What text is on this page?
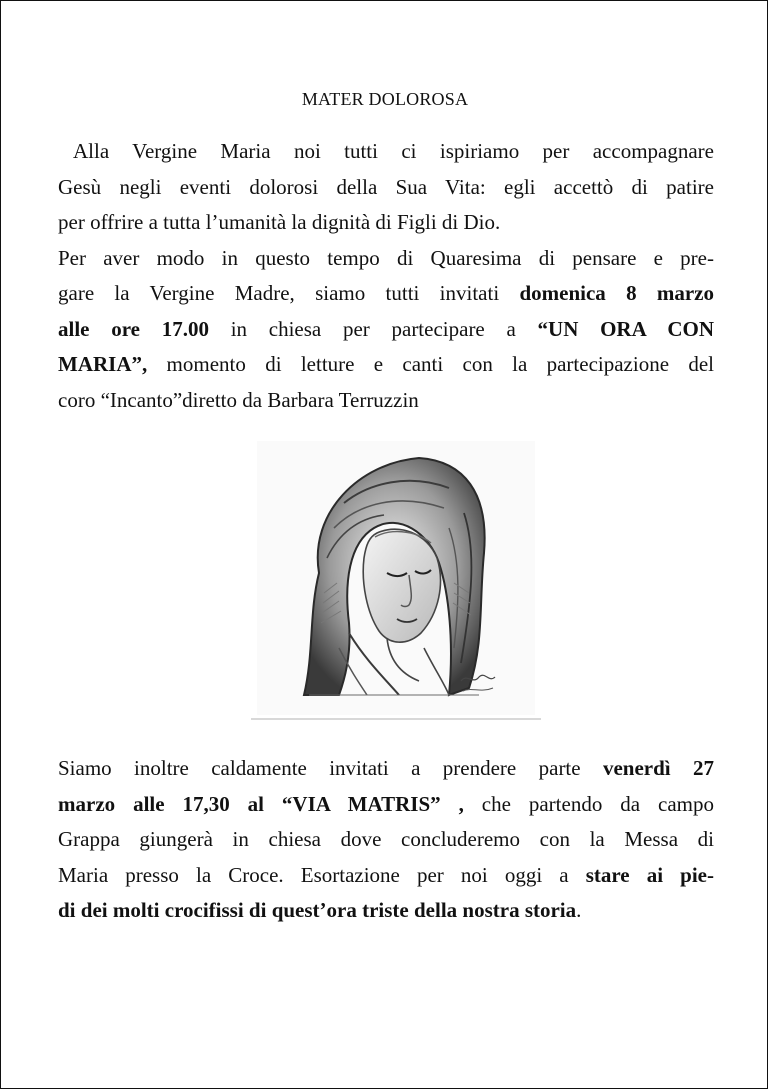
MATER DOLOROSA
Alla Vergine Maria noi tutti ci ispiriamo per accompagnare
Gesù negli eventi dolorosi della Sua Vita: egli accettò di patire
per offrire a tutta l’umanità la dignità di Figli di Dio.
Per aver modo in questo tempo di Quaresima di pensare e pre-
gare la Vergine Madre, siamo tutti invitati domenica 8 marzo
alle ore 17.00 in chiesa per partecipare a “UN ORA CON
MARIA”, momento di letture e canti con la partecipazione del
coro “Incanto”diretto da Barbara Terruzzin
Siamo inoltre caldamente invitati a prendere parte venerdì 27
marzo alle 17,30 al “VIA MATRIS” , che partendo da campo
Grappa giungerà in chiesa dove concluderemo con la Messa di
Maria presso la Croce. Esortazione per noi oggi a stare ai pie-
di dei molti crocifissi di quest’ora triste della nostra storia.
